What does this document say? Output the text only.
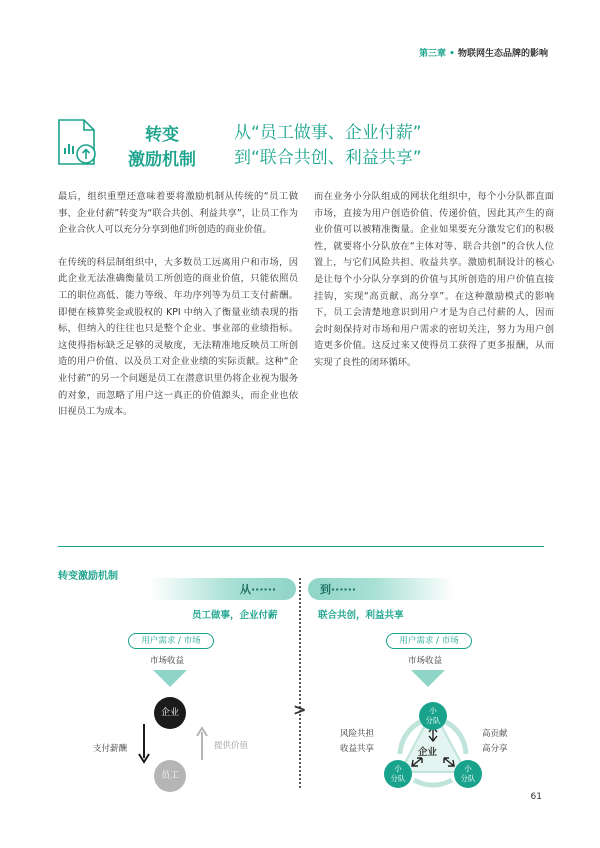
第三章 • 物联网生态品牌的影响
转变
激励机制
从“员工做事、企业付薪”
到“联合共创、利益共享”

最后，组织重塑还意味着要将激励机制从传统的“员工做事、企业付薪”转变为“联合共创、利益共享”，让员工作为企业合伙人可以充分分享到他们所创造的商业价值。

在传统的科层制组织中，大多数员工远离用户和市场，因此企业无法准确衡量员工所创造的商业价值，只能依照员工的职位高低、能力等级、年功序列等为员工支付薪酬。即便在核算奖金或股权的 KPI 中纳入了衡量业绩表现的指标，但纳入的往往也只是整个企业、事业部的业绩指标。这使得指标缺乏足够的灵敏度，无法精准地反映员工所创造的用户价值、以及员工对企业业绩的实际贡献。这种“企业付薪”的另一个问题是员工在潜意识里仍将企业视为服务的对象，而忽略了用户这一真正的价值源头，而企业也依旧视员工为成本。

而在业务小分队组成的网状化组织中，每个小分队都直面市场，直接为用户创造价值、传递价值，因此其产生的商业价值可以被精准衡量。企业如果要充分激发它们的积极性，就要将小分队放在“主体对等、联合共创”的合伙人位置上，与它们风险共担、收益共享。激励机制设计的核心是让每个小分队分享到的价值与其所创造的用户价值直接挂钩，实现“高贡献、高分享”。在这种激励模式的影响下，员工会清楚地意识到用户才是为自己付薪的人，因而会时刻保持对市场和用户需求的密切关注，努力为用户创造更多价值。这反过来又使得员工获得了更多报酬，从而实现了良性的闭环循环。

转变激励机制
从······	到······
员工做事，企业付薪	联合共创，利益共享
用户需求 / 市场	用户需求 / 市场
市场收益	市场收益
企业
员工
支付薪酬	提供价值
>
企业
小
分队
小
分队
小
分队
风险共担
收益共享
高贡献
高分享
61
